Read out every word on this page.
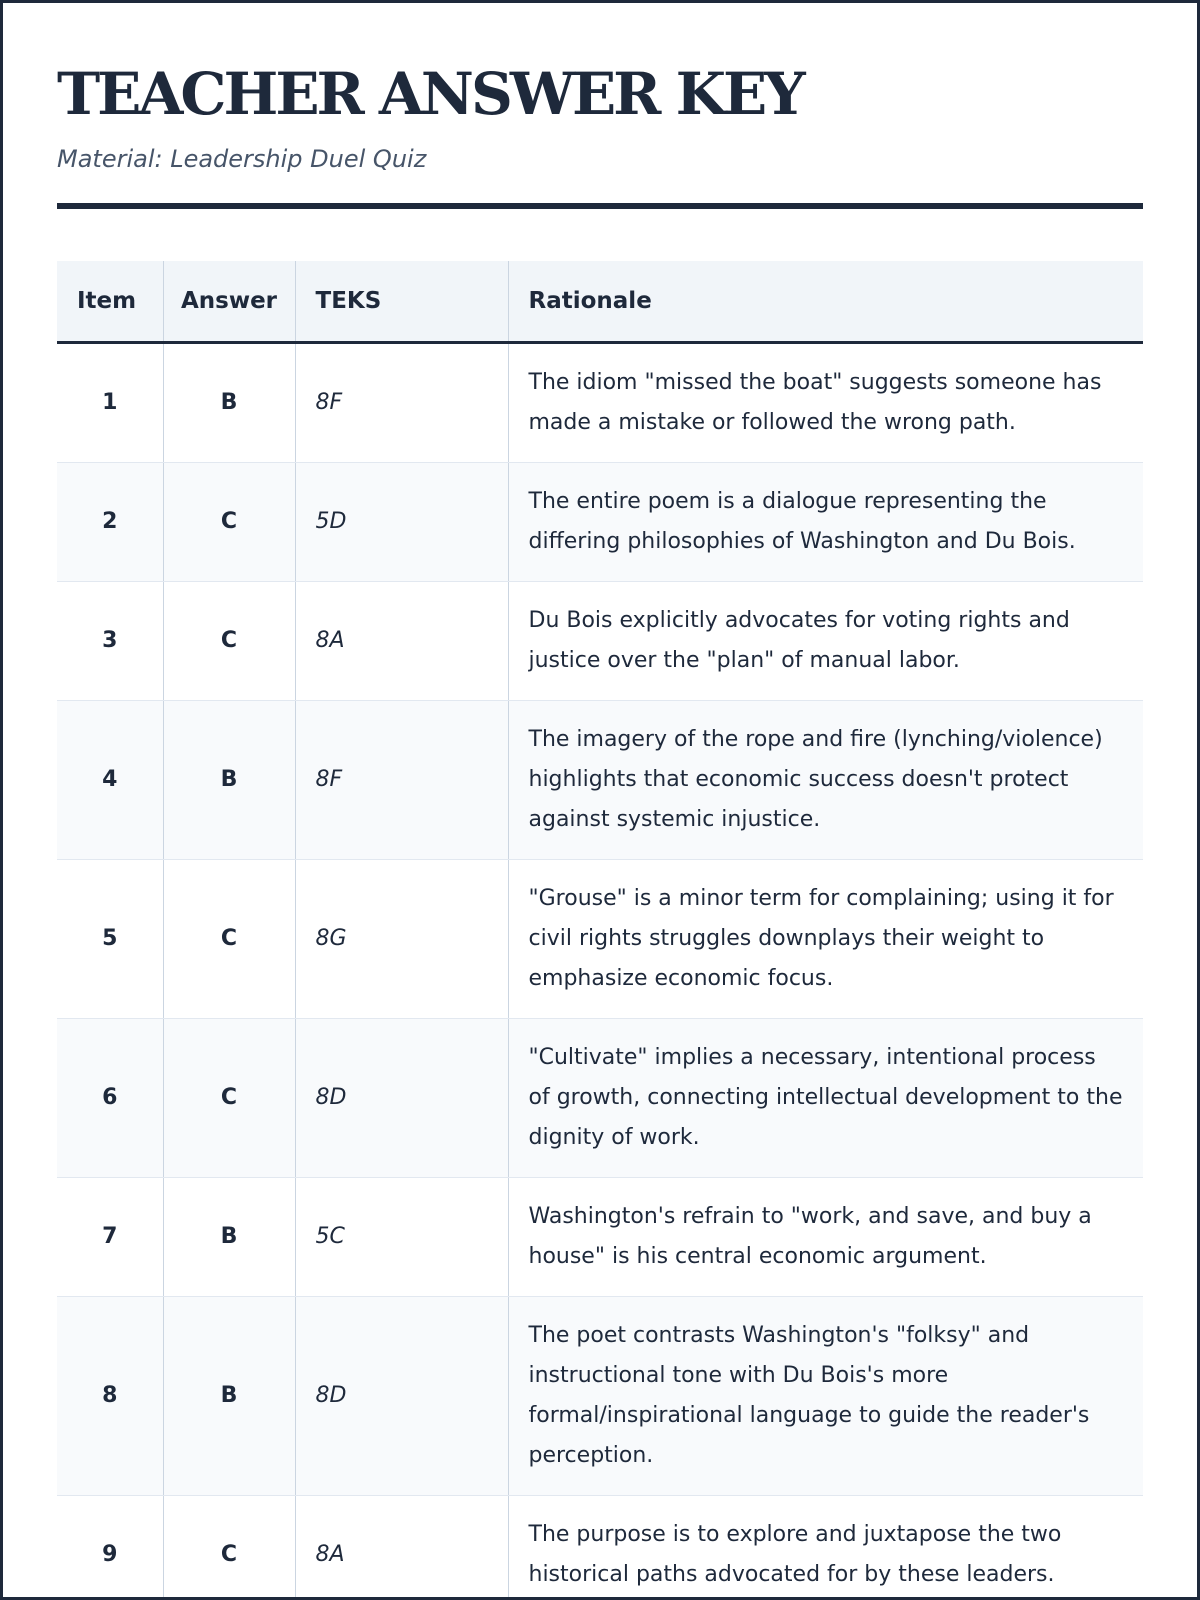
TEACHER ANSWER KEY
Material: Leadership Duel Quiz
Item	Answer	TEKS	Rationale
1	B	8F	The idiom "missed the boat" suggests someone has made a mistake or followed the wrong path.
2	C	5D	The entire poem is a dialogue representing the differing philosophies of Washington and Du Bois.
3	C	8A	Du Bois explicitly advocates for voting rights and justice over the "plan" of manual labor.
4	B	8F	The imagery of the rope and fire (lynching/violence) highlights that economic success doesn't protect against systemic injustice.
5	C	8G	"Grouse" is a minor term for complaining; using it for civil rights struggles downplays their weight to emphasize economic focus.
6	C	8D	"Cultivate" implies a necessary, intentional process of growth, connecting intellectual development to the dignity of work.
7	B	5C	Washington's refrain to "work, and save, and buy a house" is his central economic argument.
8	B	8D	The poet contrasts Washington's "folksy" and instructional tone with Du Bois's more formal/inspirational language to guide the reader's perception.
9	C	8A	The purpose is to explore and juxtapose the two historical paths advocated for by these leaders.
